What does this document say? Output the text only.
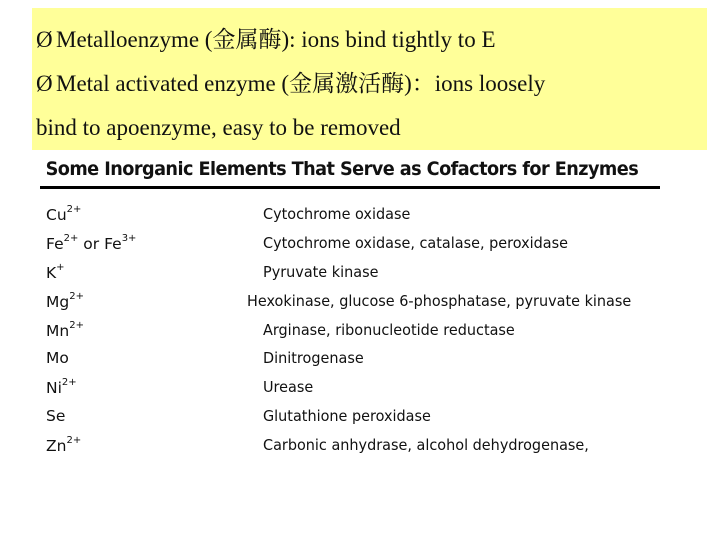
Ø Metalloenzyme (金属酶): ions bind tightly to E
Ø Metal activated enzyme (金属激活酶)：ions loosely
bind to apoenzyme, easy to be removed
Some Inorganic Elements That Serve as Cofactors for Enzymes
$Cu^{2+}$	Cytochrome oxidase
$Fe^{2+}$ or $Fe^{3+}$	Cytochrome oxidase, catalase, peroxidase
K+	Pyruvate kinase
$Mg^{2+}$	Hexokinase, glucose 6-phosphatase, pyruvate kinase
$Mn^{2+}$	Arginase, ribonucleotide reductase
Mo	Dinitrogenase
$Ni^{2+}$	Urease
Se	Glutathione peroxidase
$Zn^{2+}$	Carbonic anhydrase, alcohol dehydrogenase,
